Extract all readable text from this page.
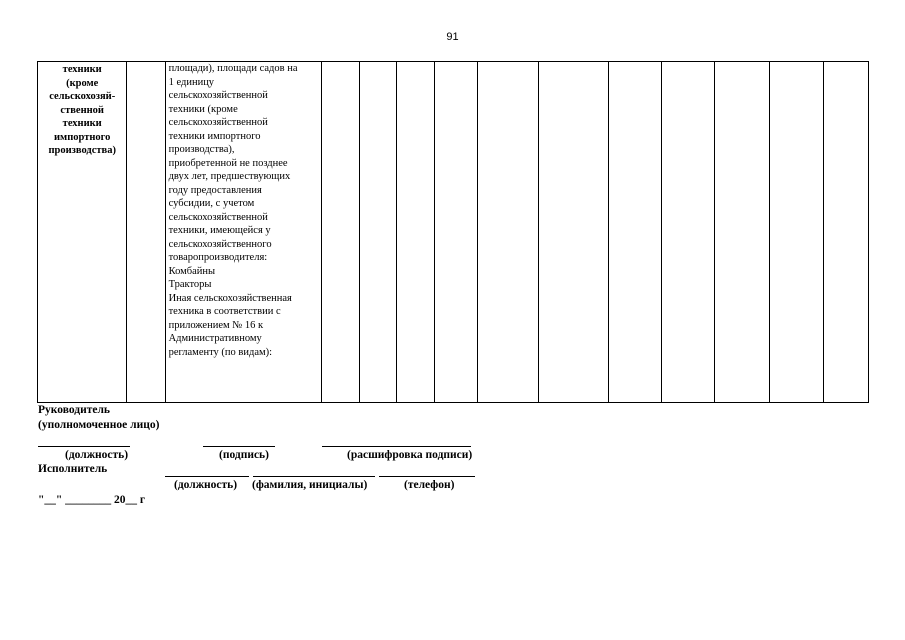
91
техники
(кроме
сельскохозяй-
ственной
техники
импортного
производства)

площади), площади садов на
1 единицу
сельскохозяйственной
техники (кроме
сельскохозяйственной
техники импортного
производства),
приобретенной не позднее
двух лет, предшествующих
году предоставления
субсидии, с учетом
сельскохозяйственной
техники, имеющейся у
сельскохозяйственного
товаропроизводителя:
Комбайны
Тракторы
Иная сельскохозяйственная
техника в соответствии с
приложением № 16 к
Административному
регламенту (по видам):

Руководитель
(уполномоченное лицо)
(должность)	(подпись)	(расшифровка подписи)
Исполнитель
(должность) (фамилия, инициалы)	(телефон)
"__" ________ 20__ г
